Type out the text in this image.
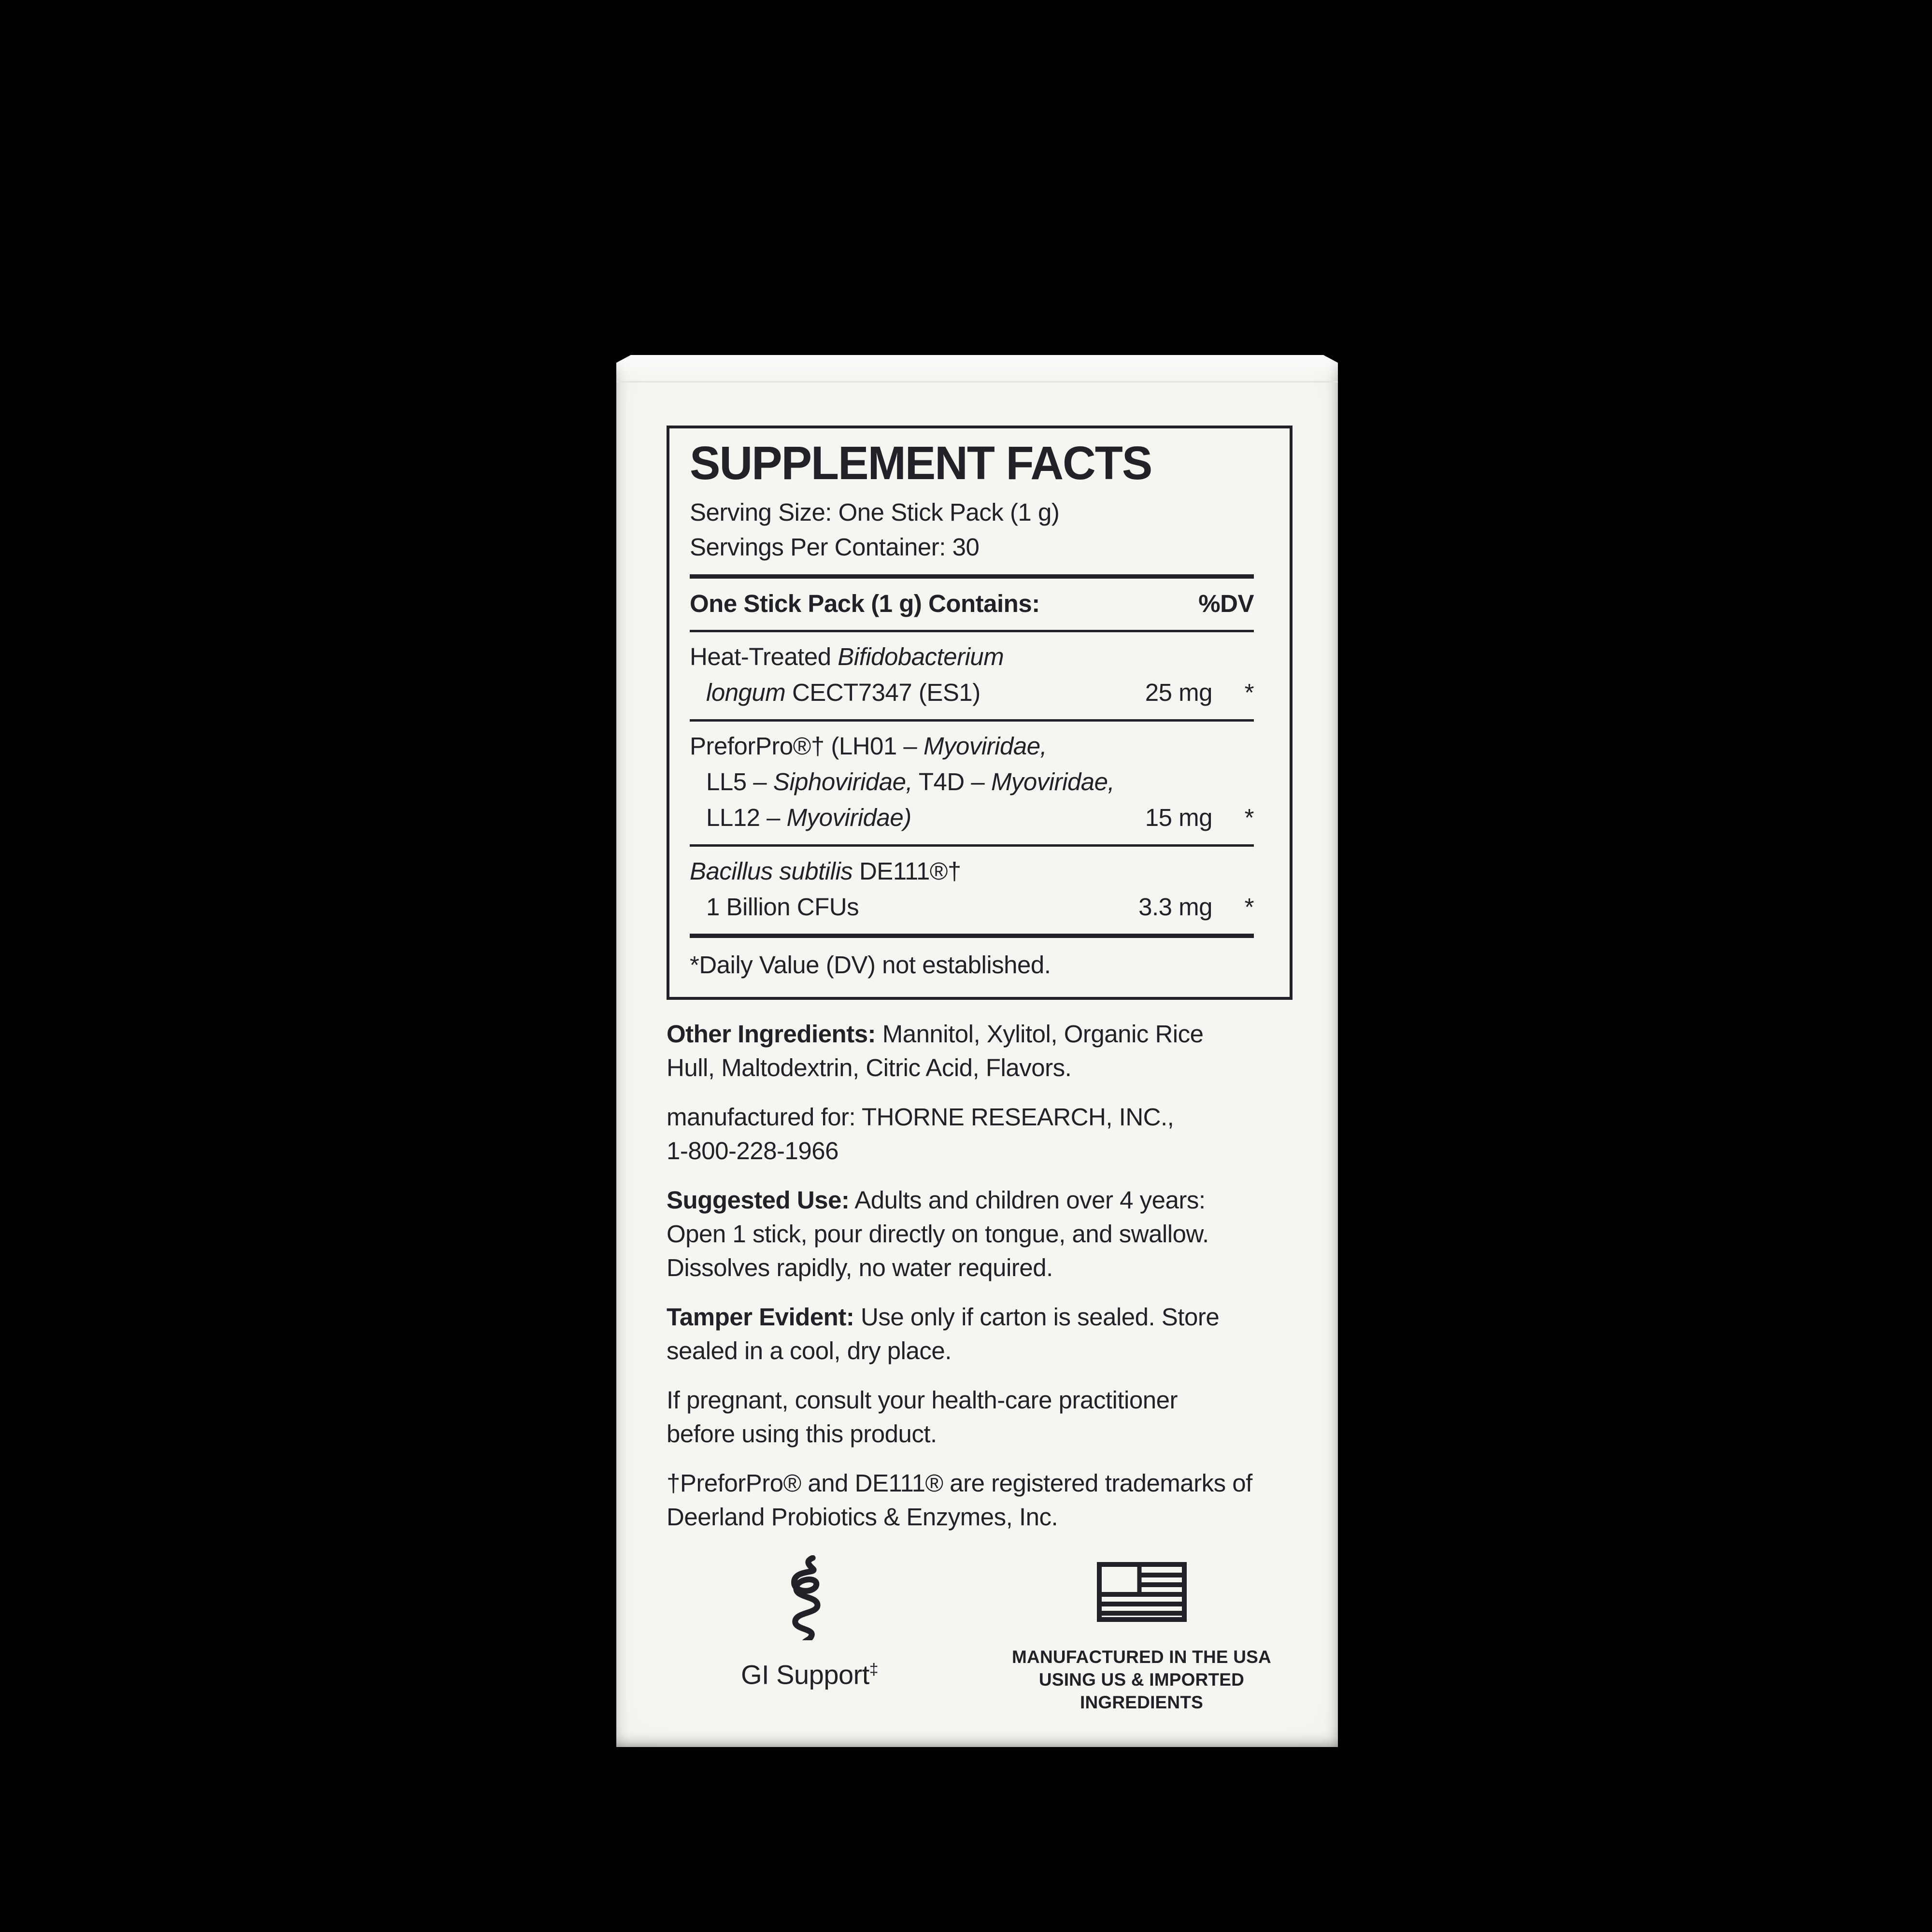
SUPPLEMENT FACTS
Serving Size: One Stick Pack (1 g)
Servings Per Container: 30
One Stick Pack (1 g) Contains:	%DV
Heat-Treated Bifidobacterium
longum CECT7347 (ES1)	25 mg	*
PreforPro®† (LH01 – Myoviridae,
LL5 – Siphoviridae, T4D – Myoviridae,
LL12 – Myoviridae)	15 mg	*
Bacillus subtilis DE111®†
1 Billion CFUs	3.3 mg	*
*Daily Value (DV) not established.

Other Ingredients: Mannitol, Xylitol, Organic Rice
Hull, Maltodextrin, Citric Acid, Flavors.

manufactured for: THORNE RESEARCH, INC.,
1-800-228-1966

Suggested Use: Adults and children over 4 years:
Open 1 stick, pour directly on tongue, and swallow.
Dissolves rapidly, no water required.

Tamper Evident: Use only if carton is sealed. Store
sealed in a cool, dry place.

If pregnant, consult your health-care practitioner
before using this product.

†PreforPro® and DE111® are registered trademarks of
Deerland Probiotics & Enzymes, Inc.

GI Support‡
MANUFACTURED IN THE USA
USING US & IMPORTED INGREDIENTS
